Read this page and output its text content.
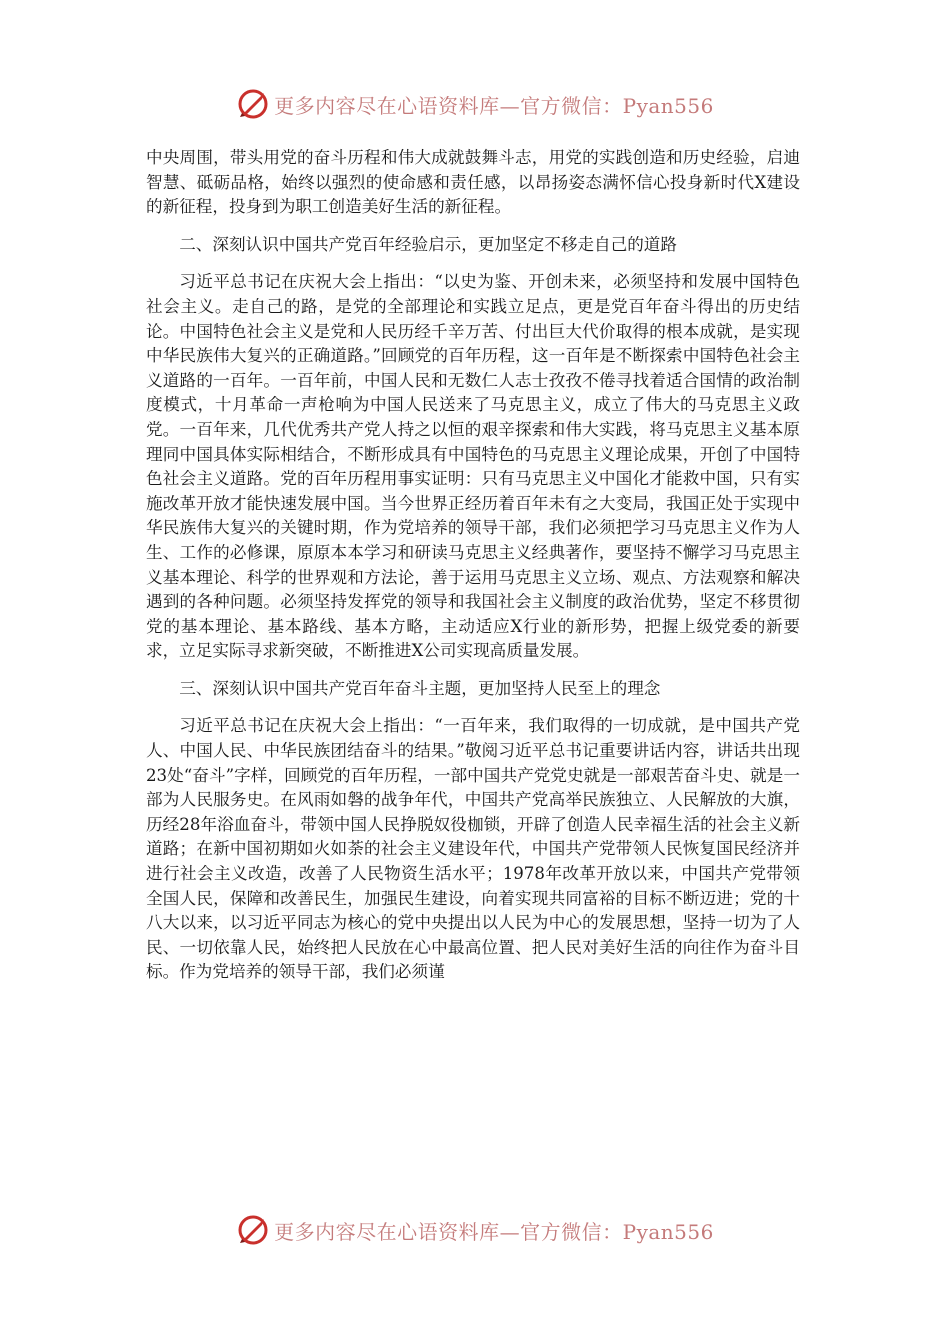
更多内容尽在心语资料库—官方微信：Pyan556

中央周围，带头用党的奋斗历程和伟大成就鼓舞斗志，用党的实践创造和历史经验，启迪智慧、砥砺品格，始终以强烈的使命感和责任感，以昂扬姿态满怀信心投身新时代X建设的新征程，投身到为职工创造美好生活的新征程。

二、深刻认识中国共产党百年经验启示，更加坚定不移走自己的道路

习近平总书记在庆祝大会上指出：“以史为鉴、开创未来，必须坚持和发展中国特色社会主义。走自己的路，是党的全部理论和实践立足点，更是党百年奋斗得出的历史结论。中国特色社会主义是党和人民历经千辛万苦、付出巨大代价取得的根本成就，是实现中华民族伟大复兴的正确道路。”回顾党的百年历程，这一百年是不断探索中国特色社会主义道路的一百年。一百年前，中国人民和无数仁人志士孜孜不倦寻找着适合国情的政治制度模式，十月革命一声枪响为中国人民送来了马克思主义，成立了伟大的马克思主义政党。一百年来，几代优秀共产党人持之以恒的艰辛探索和伟大实践，将马克思主义基本原理同中国具体实际相结合，不断形成具有中国特色的马克思主义理论成果，开创了中国特色社会主义道路。党的百年历程用事实证明：只有马克思主义中国化才能救中国，只有实施改革开放才能快速发展中国。当今世界正经历着百年未有之大变局，我国正处于实现中华民族伟大复兴的关键时期，作为党培养的领导干部，我们必须把学习马克思主义作为人生、工作的必修课，原原本本学习和研读马克思主义经典著作，要坚持不懈学习马克思主义基本理论、科学的世界观和方法论，善于运用马克思主义立场、观点、方法观察和解决遇到的各种问题。必须坚持发挥党的领导和我国社会主义制度的政治优势，坚定不移贯彻党的基本理论、基本路线、基本方略，主动适应X行业的新形势，把握上级党委的新要求，立足实际寻求新突破，不断推进X公司实现高质量发展。

三、深刻认识中国共产党百年奋斗主题，更加坚持人民至上的理念

习近平总书记在庆祝大会上指出：“一百年来，我们取得的一切成就，是中国共产党人、中国人民、中华民族团结奋斗的结果。”敬阅习近平总书记重要讲话内容，讲话共出现23处“奋斗”字样，回顾党的百年历程，一部中国共产党党史就是一部艰苦奋斗史、就是一部为人民服务史。在风雨如磐的战争年代，中国共产党高举民族独立、人民解放的大旗，历经28年浴血奋斗，带领中国人民挣脱奴役枷锁，开辟了创造人民幸福生活的社会主义新道路；在新中国初期如火如荼的社会主义建设年代，中国共产党带领人民恢复国民经济并进行社会主义改造，改善了人民物资生活水平；1978年改革开放以来，中国共产党带领全国人民，保障和改善民生，加强民生建设，向着实现共同富裕的目标不断迈进；党的十八大以来，以习近平同志为核心的党中央提出以人民为中心的发展思想，坚持一切为了人民、一切依靠人民，始终把人民放在心中最高位置、把人民对美好生活的向往作为奋斗目标。作为党培养的领导干部，我们必须谨

更多内容尽在心语资料库—官方微信：Pyan556
